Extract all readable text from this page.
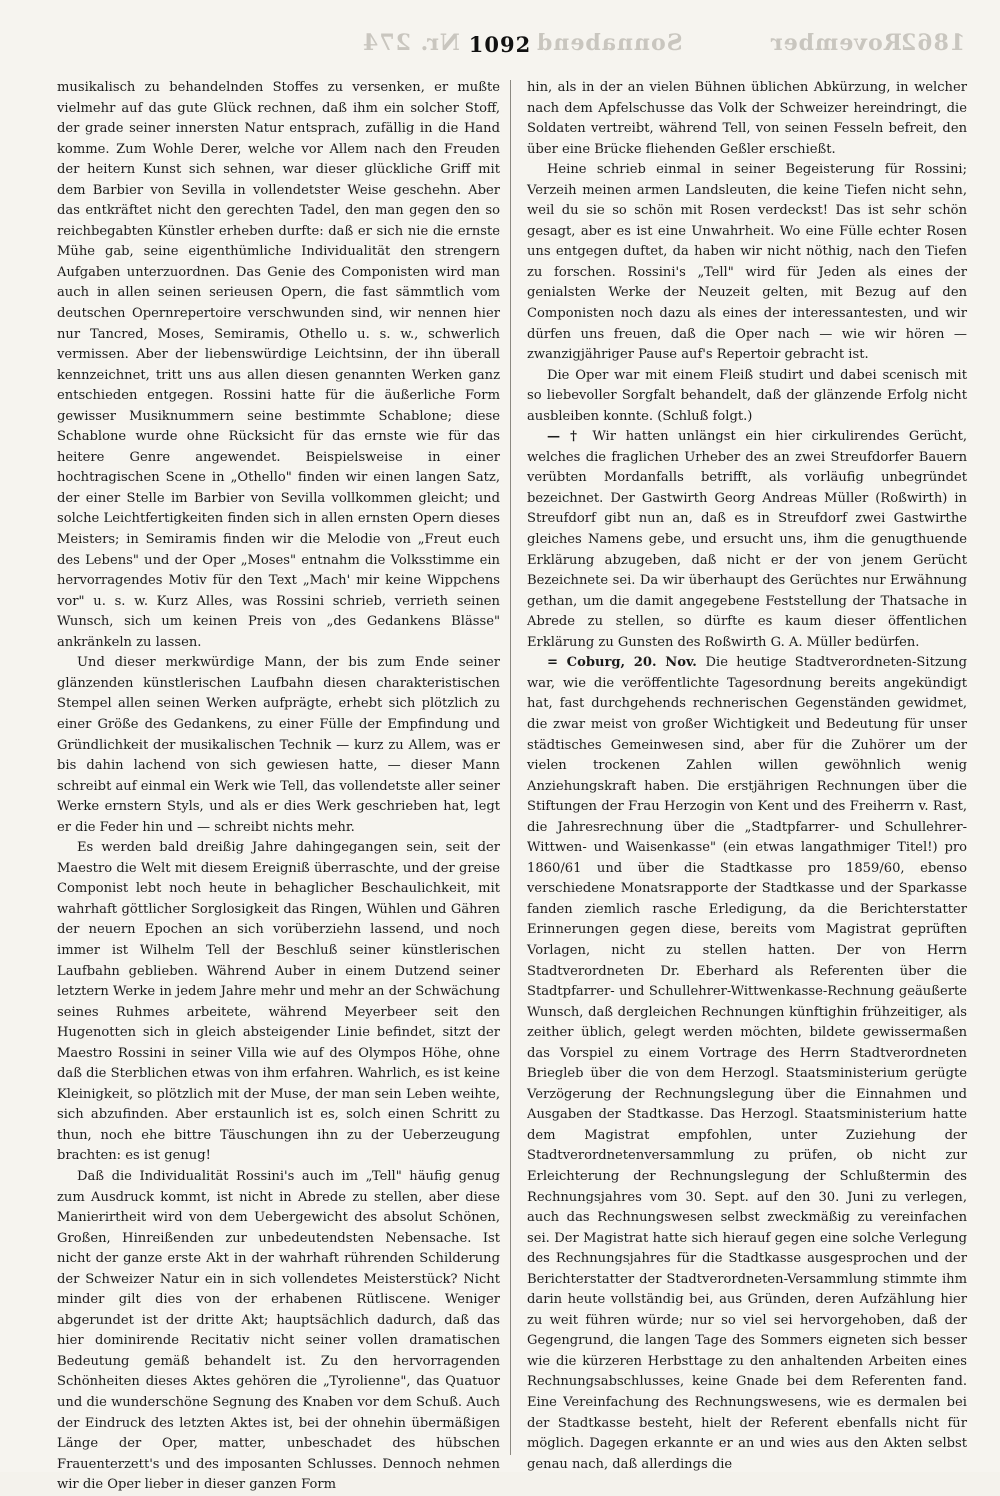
1862
Sonnabend
Nr. 274	Rovember
1092

musikalisch zu behandelnden Stoffes zu versenken, er mußte vielmehr auf das gute Glück rechnen, daß ihm ein solcher Stoff, der grade seiner innersten Natur entsprach, zufällig in die Hand komme. Zum Wohle Derer, welche vor Allem nach den Freuden der heitern Kunst sich sehnen, war dieser glückliche Griff mit dem Barbier von Sevilla in vollendetster Weise geschehn. Aber das entkräftet nicht den gerechten Tadel, den man gegen den so reichbegabten Künstler erheben durfte: daß er sich nie die ernste Mühe gab, seine eigenthümliche Individualität den strengern Aufgaben unterzuordnen. Das Genie des Componisten wird man auch in allen seinen serieusen Opern, die fast sämmtlich vom deutschen Opernrepertoire verschwunden sind, wir nennen hier nur Tancred, Moses, Semiramis, Othello u. s. w., schwerlich vermissen. Aber der liebenswürdige Leichtsinn, der ihn überall kennzeichnet, tritt uns aus allen diesen genannten Werken ganz entschieden entgegen. Rossini hatte für die äußerliche Form gewisser Musiknummern seine bestimmte Schablone; diese Schablone wurde ohne Rücksicht für das ernste wie für das heitere Genre angewendet. Beispielsweise in einer hochtragischen Scene in „Othello" finden wir einen langen Satz, der einer Stelle im Barbier von Sevilla vollkommen gleicht; und solche Leichtfertigkeiten finden sich in allen ernsten Opern dieses Meisters; in Semiramis finden wir die Melodie von „Freut euch des Lebens" und der Oper „Moses" entnahm die Volksstimme ein hervorragendes Motiv für den Text „Mach' mir keine Wippchens vor" u. s. w. Kurz Alles, was Rossini schrieb, verrieth seinen Wunsch, sich um keinen Preis von „des Gedankens Blässe" ankränkeln zu lassen.

Und dieser merkwürdige Mann, der bis zum Ende seiner glänzenden künstlerischen Laufbahn diesen charakteristischen Stempel allen seinen Werken aufprägte, erhebt sich plötzlich zu einer Größe des Gedankens, zu einer Fülle der Empfindung und Gründlichkeit der musikalischen Technik — kurz zu Allem, was er bis dahin lachend von sich gewiesen hatte, — dieser Mann schreibt auf einmal ein Werk wie Tell, das vollendetste aller seiner Werke ernstern Styls, und als er dies Werk geschrieben hat, legt er die Feder hin und — schreibt nichts mehr.

Es werden bald dreißig Jahre dahingegangen sein, seit der Maestro die Welt mit diesem Ereigniß überraschte, und der greise Componist lebt noch heute in behaglicher Beschaulichkeit, mit wahrhaft göttlicher Sorglosigkeit das Ringen, Wühlen und Gähren der neuern Epochen an sich vorüberziehn lassend, und noch immer ist Wilhelm Tell der Beschluß seiner künstlerischen Laufbahn geblieben. Während Auber in einem Dutzend seiner letztern Werke in jedem Jahre mehr und mehr an der Schwächung seines Ruhmes arbeitete, während Meyerbeer seit den Hugenotten sich in gleich absteigender Linie befindet, sitzt der Maestro Rossini in seiner Villa wie auf des Olympos Höhe, ohne daß die Sterblichen etwas von ihm erfahren. Wahrlich, es ist keine Kleinigkeit, so plötzlich mit der Muse, der man sein Leben weihte, sich abzufinden. Aber erstaunlich ist es, solch einen Schritt zu thun, noch ehe bittre Täuschungen ihn zu der Ueberzeugung brachten: es ist genug!

Daß die Individualität Rossini's auch im „Tell" häufig genug zum Ausdruck kommt, ist nicht in Abrede zu stellen, aber diese Manierirtheit wird von dem Uebergewicht des absolut Schönen, Großen, Hinreißenden zur unbedeutendsten Nebensache. Ist nicht der ganze erste Akt in der wahrhaft rührenden Schilderung der Schweizer Natur ein in sich vollendetes Meisterstück? Nicht minder gilt dies von der erhabenen Rütliscene. Weniger abgerundet ist der dritte Akt; hauptsächlich dadurch, daß das hier dominirende Recitativ nicht seiner vollen dramatischen Bedeutung gemäß behandelt ist. Zu den hervorragenden Schönheiten dieses Aktes gehören die „Tyrolienne", das Quatuor und die wunderschöne Segnung des Knaben vor dem Schuß. Auch der Eindruck des letzten Aktes ist, bei der ohnehin übermäßigen Länge der Oper, matter, unbeschadet des hübschen Frauenterzett's und des imposanten Schlusses. Dennoch nehmen wir die Oper lieber in dieser ganzen Form

hin, als in der an vielen Bühnen üblichen Abkürzung, in welcher nach dem Apfelschusse das Volk der Schweizer hereindringt, die Soldaten vertreibt, während Tell, von seinen Fesseln befreit, den über eine Brücke fliehenden Geßler erschießt.

Heine schrieb einmal in seiner Begeisterung für Rossini; Verzeih meinen armen Landsleuten, die keine Tiefen nicht sehn, weil du sie so schön mit Rosen verdeckst! Das ist sehr schön gesagt, aber es ist eine Unwahrheit. Wo eine Fülle echter Rosen uns entgegen duftet, da haben wir nicht nöthig, nach den Tiefen zu forschen. Rossini's „Tell" wird für Jeden als eines der genialsten Werke der Neuzeit gelten, mit Bezug auf den Componisten noch dazu als eines der interessantesten, und wir dürfen uns freuen, daß die Oper nach — wie wir hören — zwanzigjähriger Pause auf's Repertoir gebracht ist.

Die Oper war mit einem Fleiß studirt und dabei scenisch mit so liebevoller Sorgfalt behandelt, daß der glänzende Erfolg nicht ausbleiben konnte. (Schluß folgt.)

— † Wir hatten unlängst ein hier cirkulirendes Gerücht, welches die fraglichen Urheber des an zwei Streufdorfer Bauern verübten Mordanfalls betrifft, als vorläufig unbegründet bezeichnet. Der Gastwirth Georg Andreas Müller (Roßwirth) in Streufdorf gibt nun an, daß es in Streufdorf zwei Gastwirthe gleiches Namens gebe, und ersucht uns, ihm die genugthuende Erklärung abzugeben, daß nicht er der von jenem Gerücht Bezeichnete sei. Da wir überhaupt des Gerüchtes nur Erwähnung gethan, um die damit angegebene Feststellung der Thatsache in Abrede zu stellen, so dürfte es kaum dieser öffentlichen Erklärung zu Gunsten des Roßwirth G. A. Müller bedürfen.

= Coburg, 20. Nov. Die heutige Stadtverordneten-Sitzung war, wie die veröffentlichte Tagesordnung bereits angekündigt hat, fast durchgehends rechnerischen Gegenständen gewidmet, die zwar meist von großer Wichtigkeit und Bedeutung für unser städtisches Gemeinwesen sind, aber für die Zuhörer um der vielen trockenen Zahlen willen gewöhnlich wenig Anziehungskraft haben. Die erstjährigen Rechnungen über die Stiftungen der Frau Herzogin von Kent und des Freiherrn v. Rast, die Jahresrechnung über die „Stadtpfarrer- und Schullehrer-Wittwen- und Waisenkasse" (ein etwas langathmiger Titel!) pro 1860/61 und über die Stadtkasse pro 1859/60, ebenso verschiedene Monatsrapporte der Stadtkasse und der Sparkasse fanden ziemlich rasche Erledigung, da die Berichterstatter Erinnerungen gegen diese, bereits vom Magistrat geprüften Vorlagen, nicht zu stellen hatten. Der von Herrn Stadtverordneten Dr. Eberhard als Referenten über die Stadtpfarrer- und Schullehrer-Wittwenkasse-Rechnung geäußerte Wunsch, daß dergleichen Rechnungen künftighin frühzeitiger, als zeither üblich, gelegt werden möchten, bildete gewissermaßen das Vorspiel zu einem Vortrage des Herrn Stadtverordneten Briegleb über die von dem Herzogl. Staatsministerium gerügte Verzögerung der Rechnungslegung über die Einnahmen und Ausgaben der Stadtkasse. Das Herzogl. Staatsministerium hatte dem Magistrat empfohlen, unter Zuziehung der Stadtverordnetenversammlung zu prüfen, ob nicht zur Erleichterung der Rechnungslegung der Schlußtermin des Rechnungsjahres vom 30. Sept. auf den 30. Juni zu verlegen, auch das Rechnungswesen selbst zweckmäßig zu vereinfachen sei. Der Magistrat hatte sich hierauf gegen eine solche Verlegung des Rechnungsjahres für die Stadtkasse ausgesprochen und der Berichterstatter der Stadtverordneten-Versammlung stimmte ihm darin heute vollständig bei, aus Gründen, deren Aufzählung hier zu weit führen würde; nur so viel sei hervorgehoben, daß der Gegengrund, die langen Tage des Sommers eigneten sich besser wie die kürzeren Herbsttage zu den anhaltenden Arbeiten eines Rechnungsabschlusses, keine Gnade bei dem Referenten fand. Eine Vereinfachung des Rechnungswesens, wie es dermalen bei der Stadtkasse besteht, hielt der Referent ebenfalls nicht für möglich. Dagegen erkannte er an und wies aus den Akten selbst genau nach, daß allerdings die
